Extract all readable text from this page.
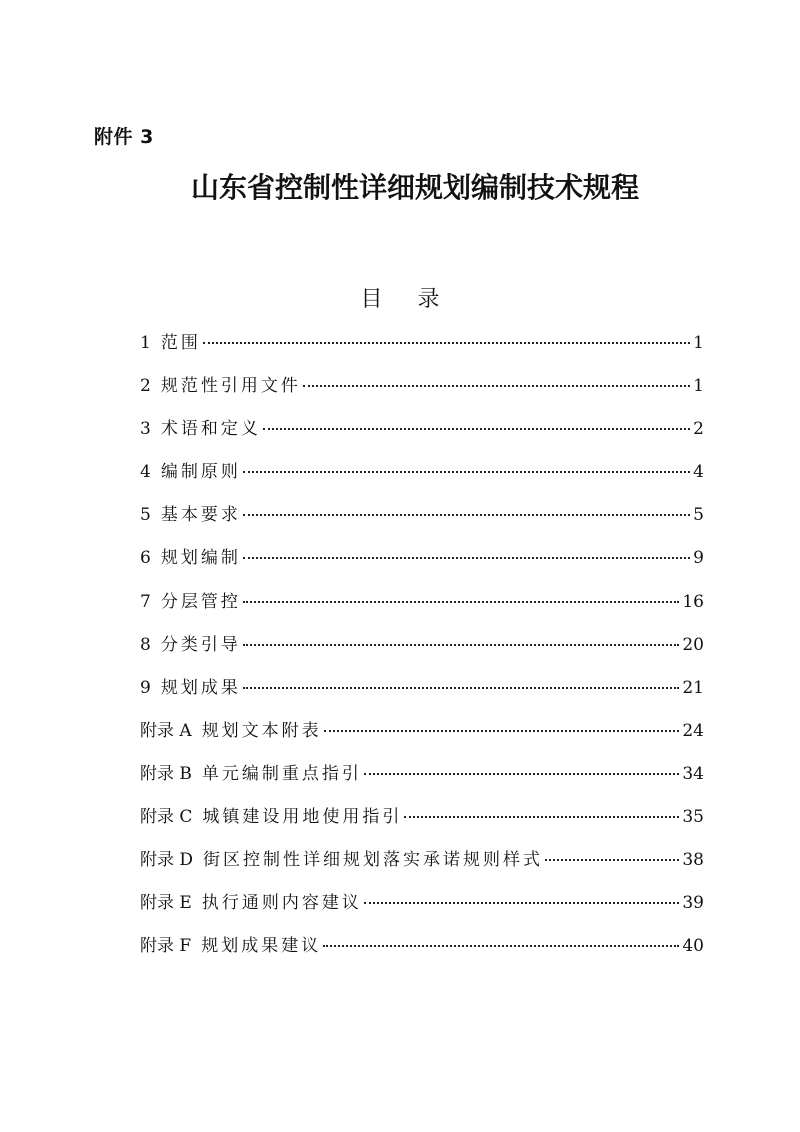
附件 3
山东省控制性详细规划编制技术规程
目 录
1 范围	1
2 规范性引用文件	1
3 术语和定义	2
4 编制原则	4
5 基本要求	5
6 规划编制	9
7 分层管控	16
8 分类引导	20
9 规划成果	21
附录 A 规划文本附表	24
附录 B 单元编制重点指引	34
附录 C 城镇建设用地使用指引	35
附录 D 街区控制性详细规划落实承诺规则样式	38
附录 E 执行通则内容建议	39
附录 F 规划成果建议	40
